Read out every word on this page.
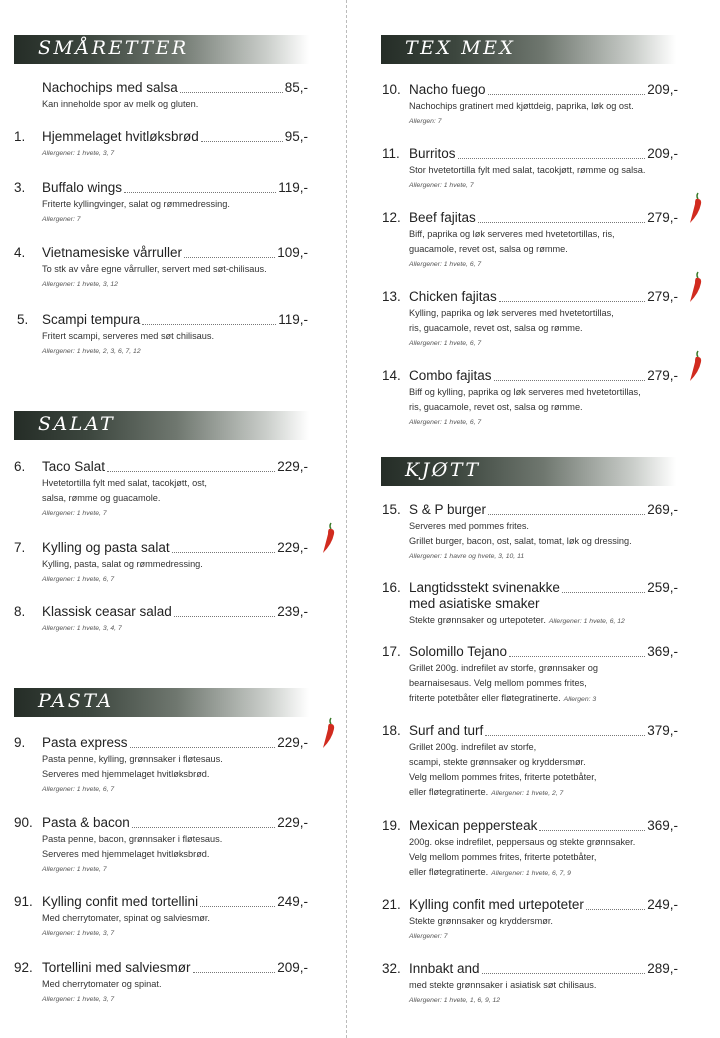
SMÅRETTER
Nachochips med salsa	85,-
Kan inneholde spor av melk og gluten.
1. Hjemmelaget hvitløksbrød	95,-
Allergener: 1 hvete, 3, 7
3. Buffalo wings	119,-
Friterte kyllingvinger, salat og rømmedressing.
Allergener: 7
4. Vietnamesiske vårruller	109,-
To stk av våre egne vårruller, servert med søt-chilisaus.
Allergener: 1 hvete, 3, 12
5. Scampi tempura	119,-
Fritert scampi, serveres med søt chilisaus.
Allergener: 1 hvete, 2, 3, 6, 7, 12
SALAT
6. Taco Salat	229,-
Hvetetortilla fylt med salat, tacokjøtt, ost,
salsa, rømme og guacamole.
Allergener: 1 hvete, 7
7. Kylling og pasta salat	229,-
Kylling, pasta, salat og rømmedressing.
Allergener: 1 hvete, 6, 7
8. Klassisk ceasar salad	239,-
Allergener: 1 hvete, 3, 4, 7
PASTA
9. Pasta express	229,-
Pasta penne, kylling, grønnsaker i fløtesaus.
Serveres med hjemmelaget hvitløksbrød.
Allergener: 1 hvete, 6, 7
90. Pasta & bacon	229,-
Pasta penne, bacon, grønnsaker i fløtesaus.
Serveres med hjemmelaget hvitløksbrød.
Allergener: 1 hvete, 7
91. Kylling confit med tortellini	249,-
Med cherrytomater, spinat og salviesmør.
Allergener: 1 hvete, 3, 7
92. Tortellini med salviesmør	209,-
Med cherrytomater og spinat.
Allergener: 1 hvete, 3, 7
TEX MEX
10. Nacho fuego	209,-
Nachochips gratinert med kjøttdeig, paprika, løk og ost.
Allergen: 7
11. Burritos	209,-
Stor hvetetortilla fylt med salat, tacokjøtt, rømme og salsa.
Allergener: 1 hvete, 7
12. Beef fajitas	279,-
Biff, paprika og løk serveres med hvetetortillas, ris,
guacamole, revet ost, salsa og rømme.
Allergener: 1 hvete, 6, 7
13. Chicken fajitas	279,-
Kylling, paprika og løk serveres med hvetetortillas,
ris, guacamole, revet ost, salsa og rømme.
Allergener: 1 hvete, 6, 7
14. Combo fajitas	279,-
Biff og kylling, paprika og løk serveres med hvetetortillas,
ris, guacamole, revet ost, salsa og rømme.
Allergener: 1 hvete, 6, 7
KJØTT
15. S & P burger	269,-
Serveres med pommes frites.
Grillet burger, bacon, ost, salat, tomat, løk og dressing.
Allergener: 1 havre og hvete, 3, 10, 11
16. Langtidsstekt svinenakke	259,-
med asiatiske smaker
Stekte grønnsaker og urtepoteter. Allergener: 1 hvete, 6, 12
17. Solomillo Tejano	369,-
Grillet 200g. indrefilet av storfe, grønnsaker og
bearnaisesaus. Velg mellom pommes frites,
friterte potetbåter eller fløtegratinerte. Allergen: 3
18. Surf and turf	379,-
Grillet 200g. indrefilet av storfe,
scampi, stekte grønnsaker og kryddersmør.
Velg mellom pommes frites, friterte potetbåter,
eller fløtegratinerte. Allergener: 1 hvete, 2, 7
19. Mexican peppersteak	369,-
200g. okse indrefilet, peppersaus og stekte grønnsaker.
Velg mellom pommes frites, friterte potetbåter,
eller fløtegratinerte. Allergener: 1 hvete, 6, 7, 9
21. Kylling confit med urtepoteter	249,-
Stekte grønnsaker og kryddersmør.
Allergener: 7
32. Innbakt and	289,-
med stekte grønnsaker i asiatisk søt chilisaus.
Allergener: 1 hvete, 1, 6, 9, 12
